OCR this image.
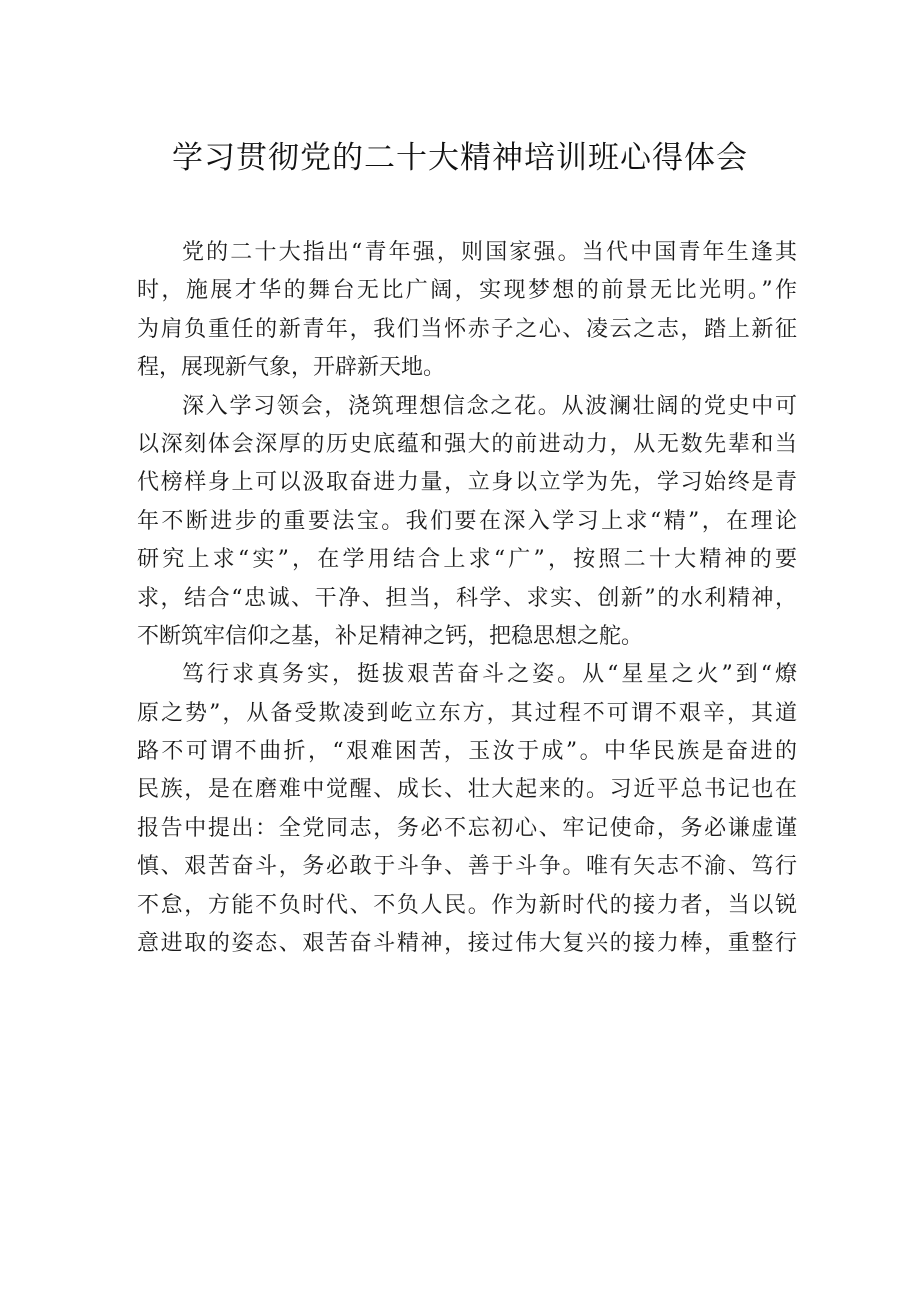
学习贯彻党的二十大精神培训班心得体会
党的二十大指出“青年强，则国家强。当代中国青年生逢其
时，施展才华的舞台无比广阔，实现梦想的前景无比光明。”作
为肩负重任的新青年，我们当怀赤子之心、凌云之志，踏上新征
程，展现新气象，开辟新天地。
深入学习领会，浇筑理想信念之花。从波澜壮阔的党史中可
以深刻体会深厚的历史底蕴和强大的前进动力，从无数先辈和当
代榜样身上可以汲取奋进力量，立身以立学为先，学习始终是青
年不断进步的重要法宝。我们要在深入学习上求“精”，在理论
研究上求“实”，在学用结合上求“广”，按照二十大精神的要
求，结合“忠诚、干净、担当，科学、求实、创新”的水利精神，
不断筑牢信仰之基，补足精神之钙，把稳思想之舵。
笃行求真务实，挺拔艰苦奋斗之姿。从“星星之火”到“燎
原之势”，从备受欺凌到屹立东方，其过程不可谓不艰辛，其道
路不可谓不曲折，“艰难困苦，玉汝于成”。中华民族是奋进的
民族，是在磨难中觉醒、成长、壮大起来的。习近平总书记也在
报告中提出：全党同志，务必不忘初心、牢记使命，务必谦虚谨
慎、艰苦奋斗，务必敢于斗争、善于斗争。唯有矢志不渝、笃行
不怠，方能不负时代、不负人民。作为新时代的接力者，当以锐
意进取的姿态、艰苦奋斗精神，接过伟大复兴的接力棒，重整行
